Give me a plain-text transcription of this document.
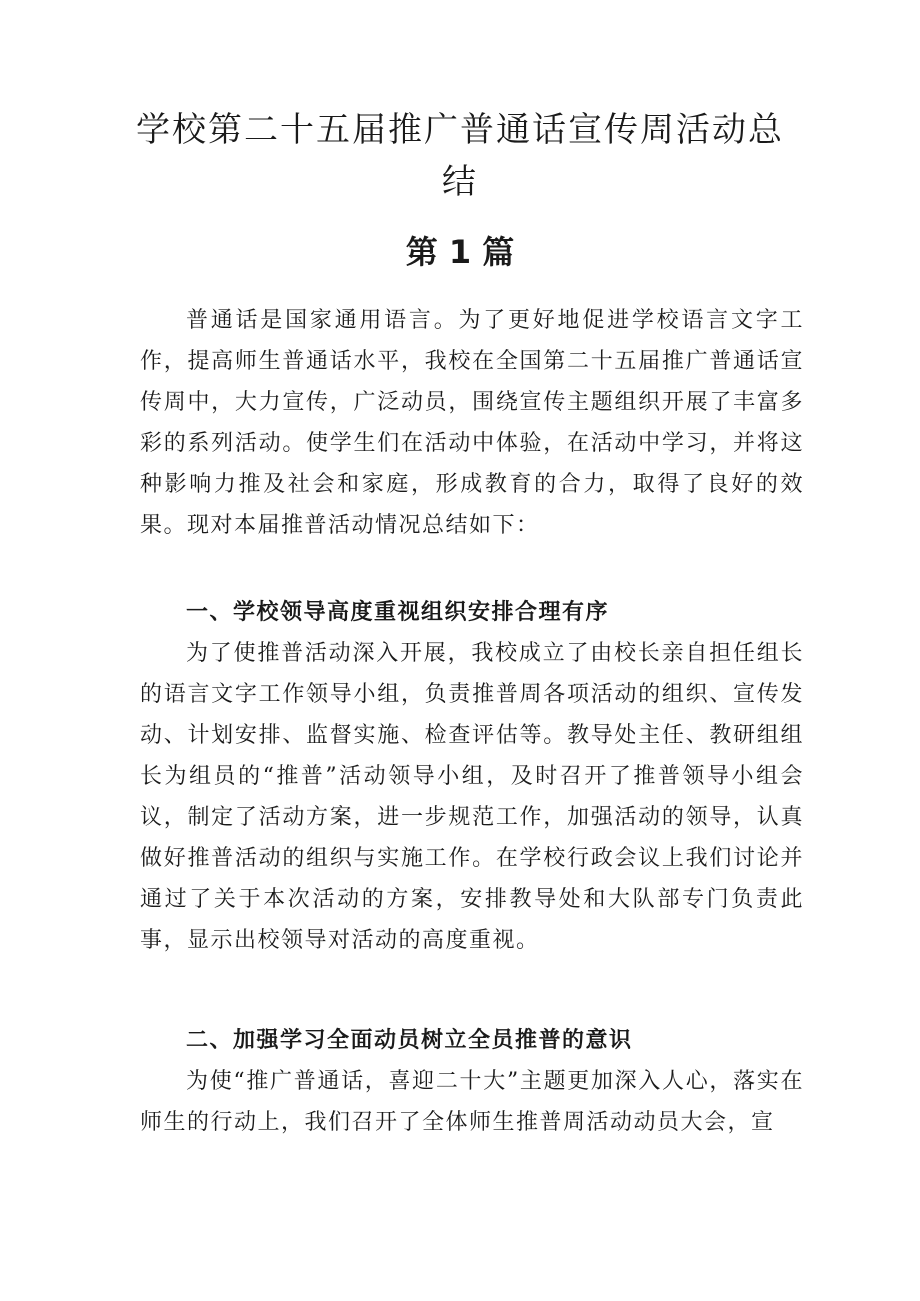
学校第二十五届推广普通话宣传周活动总
结
第 1 篇

普通话是国家通用语言。为了更好地促进学校语言文字工作，提高师生普通话水平，我校在全国第二十五届推广普通话宣传周中，大力宣传，广泛动员，围绕宣传主题组织开展了丰富多彩的系列活动。使学生们在活动中体验，在活动中学习，并将这种影响力推及社会和家庭，形成教育的合力，取得了良好的效果。现对本届推普活动情况总结如下：

一、学校领导高度重视组织安排合理有序

为了使推普活动深入开展，我校成立了由校长亲自担任组长的语言文字工作领导小组，负责推普周各项活动的组织、宣传发动、计划安排、监督实施、检查评估等。教导处主任、教研组组长为组员的“推普”活动领导小组，及时召开了推普领导小组会议，制定了活动方案，进一步规范工作，加强活动的领导，认真做好推普活动的组织与实施工作。在学校行政会议上我们讨论并通过了关于本次活动的方案，安排教导处和大队部专门负责此事，显示出校领导对活动的高度重视。

二、加强学习全面动员树立全员推普的意识

为使“推广普通话，喜迎二十大”主题更加深入人心，落实在师生的行动上，我们召开了全体师生推普周活动动员大会，宣
